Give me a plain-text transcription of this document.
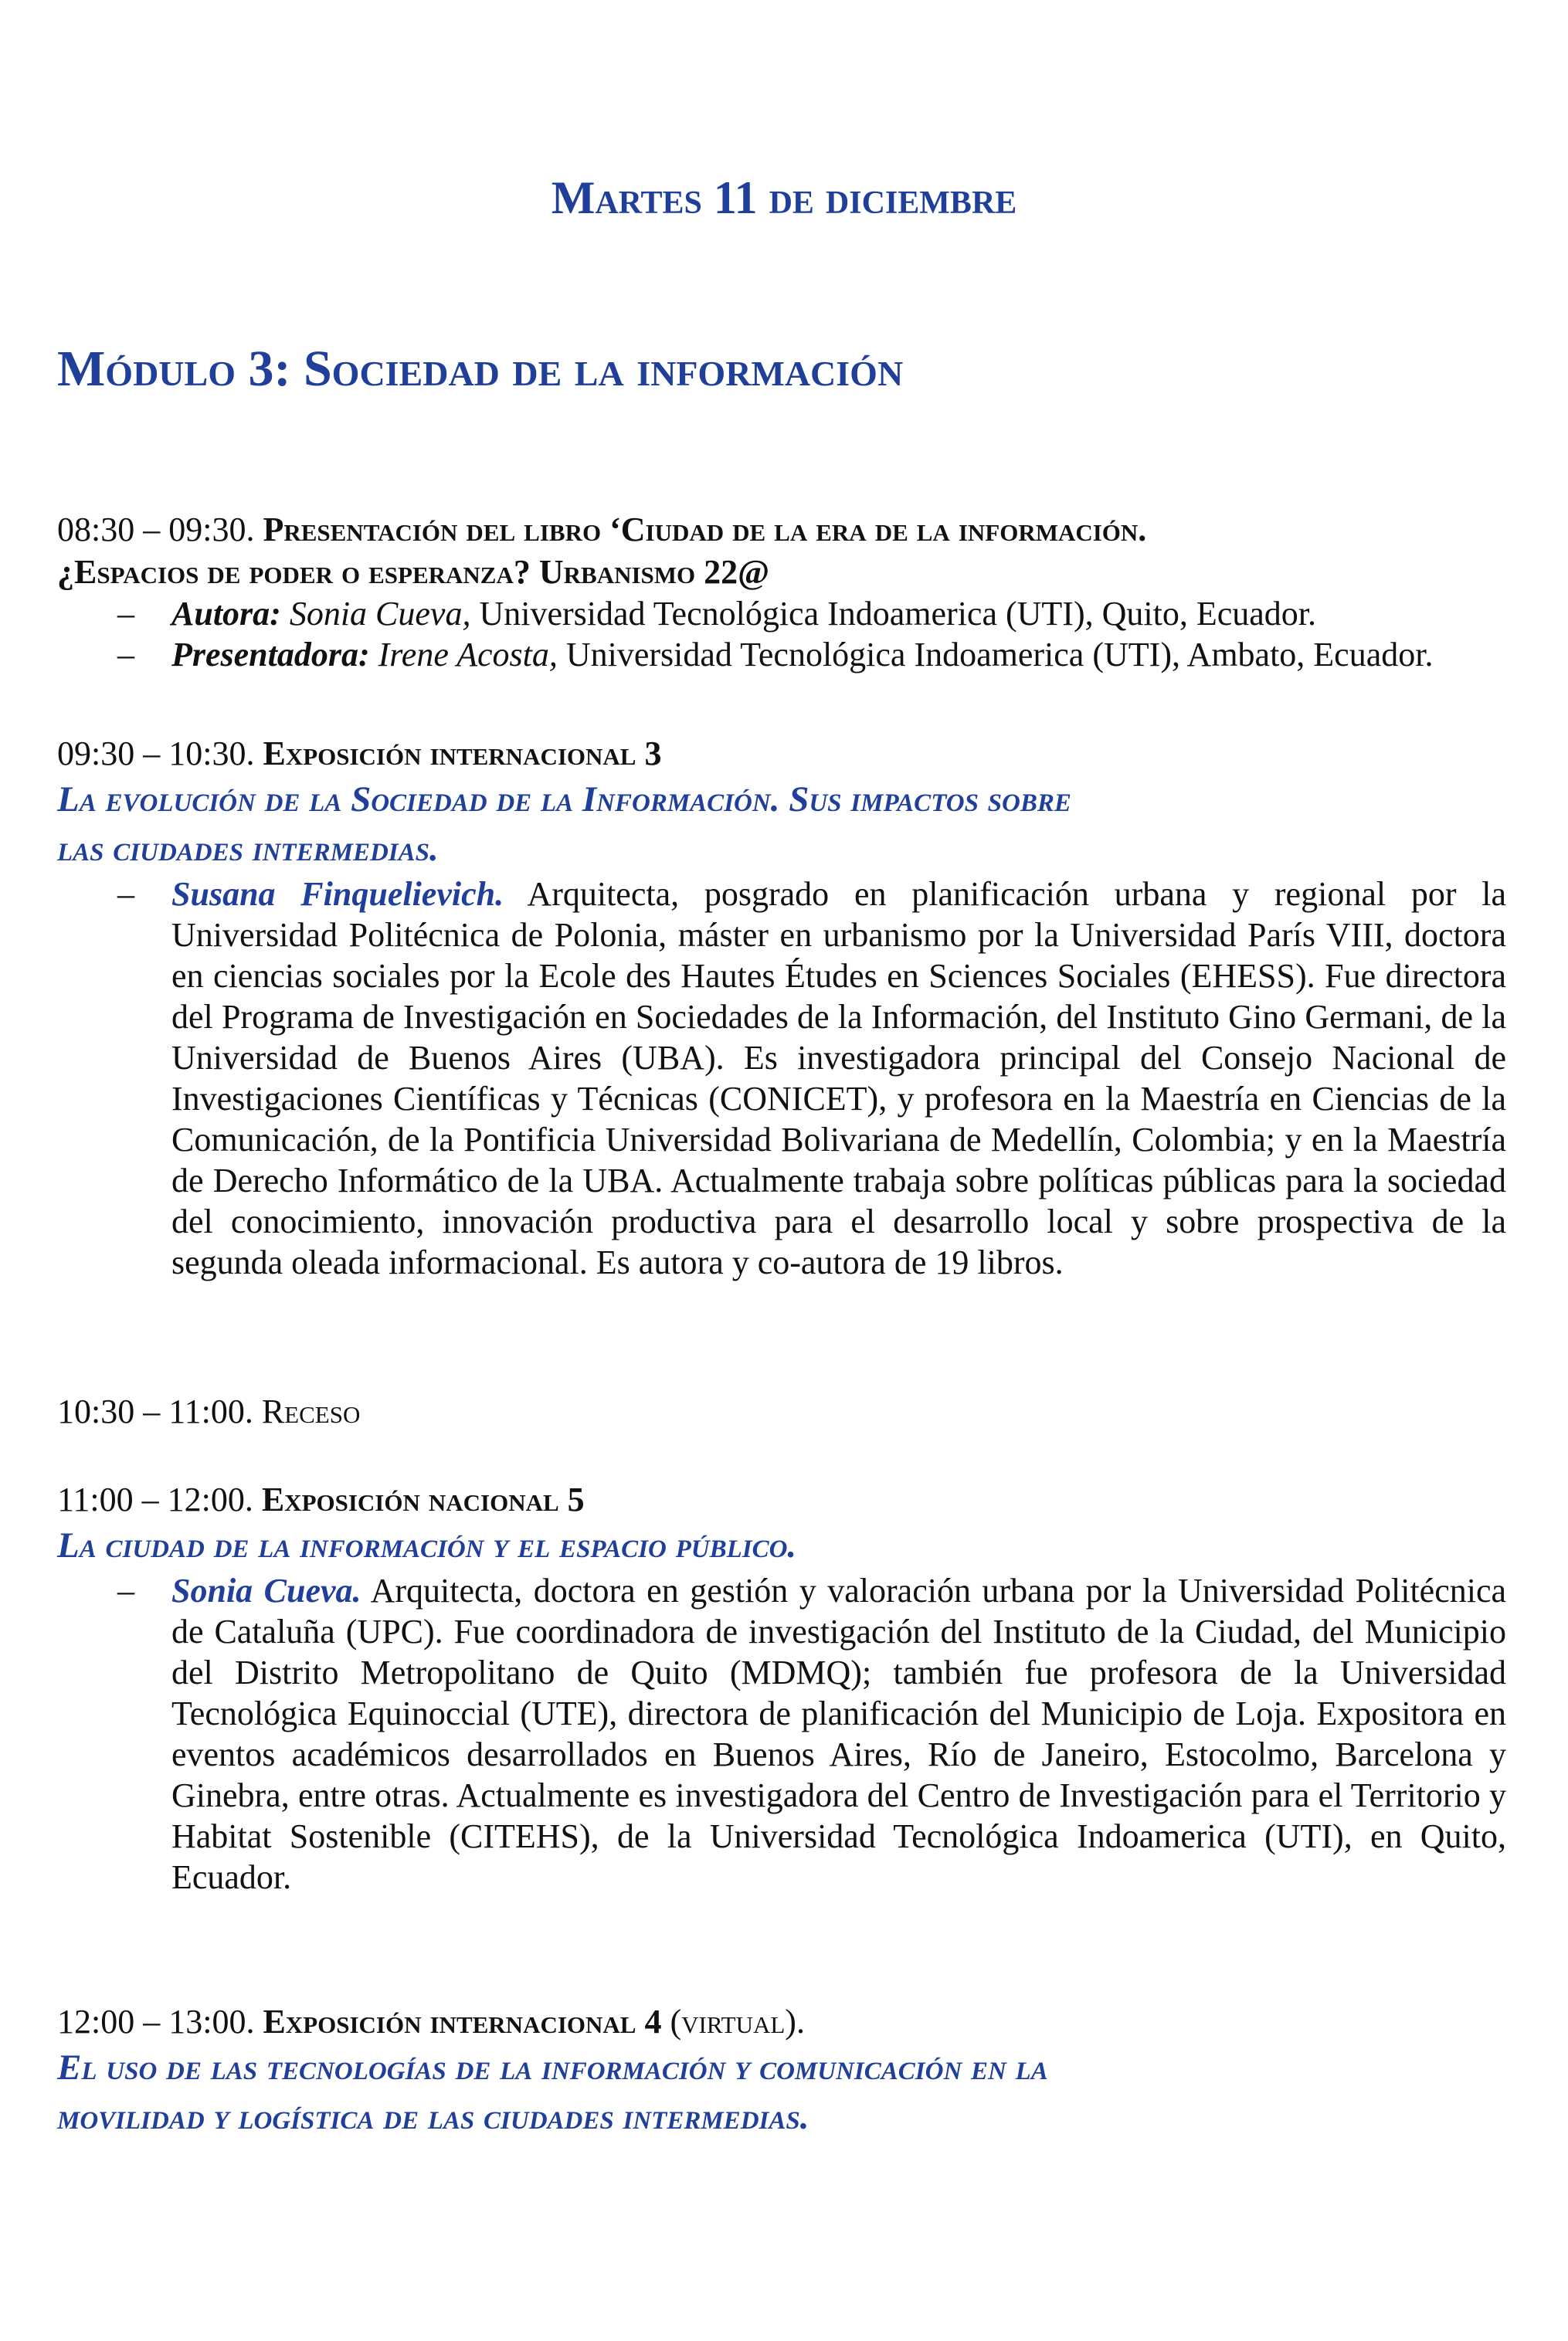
Martes 11 de diciembre
Módulo 3: Sociedad de la información
08:30 – 09:30. Presentación del libro ‘Ciudad de la era de la información.
¿Espacios de poder o esperanza? Urbanismo 22@
– Autora: Sonia Cueva, Universidad Tecnológica Indoamerica (UTI), Quito, Ecuador.
– Presentadora: Irene Acosta, Universidad Tecnológica Indoamerica (UTI), Ambato, Ecuador.
09:30 – 10:30. Exposición internacional 3
La evolución de la Sociedad de la Información. Sus impactos sobre
las ciudades intermedias.
– Susana Finquelievich. Arquitecta, posgrado en planificación urbana y regional por la Universidad Politécnica de Polonia, máster en urbanismo por la Universidad París VIII, doctora en ciencias sociales por la Ecole des Hautes Études en Sciences Sociales (EHESS). Fue directora del Programa de Investigación en Sociedades de la Información, del Instituto Gino Germani, de la Universidad de Buenos Aires (UBA). Es investigadora principal del Consejo Nacional de Investigaciones Científicas y Técnicas (CONICET), y profesora en la Maestría en Ciencias de la Comunicación, de la Pontificia Universidad Bolivariana de Medellín, Colombia; y en la Maestría de Derecho Informático de la UBA. Actualmente trabaja sobre políticas públicas para la sociedad del conocimiento, innovación productiva para el desarrollo local y sobre prospectiva de la segunda oleada informacional. Es autora y co-autora de 19 libros.
10:30 – 11:00. Receso
11:00 – 12:00. Exposición nacional 5
La ciudad de la información y el espacio público.
– Sonia Cueva. Arquitecta, doctora en gestión y valoración urbana por la Universidad Politécnica de Cataluña (UPC). Fue coordinadora de investigación del Instituto de la Ciudad, del Municipio del Distrito Metropolitano de Quito (MDMQ); también fue profesora de la Universidad Tecnológica Equinoccial (UTE), directora de planificación del Municipio de Loja. Expositora en eventos académicos desarrollados en Buenos Aires, Río de Janeiro, Estocolmo, Barcelona y Ginebra, entre otras. Actualmente es investigadora del Centro de Investigación para el Territorio y Habitat Sostenible (CITEHS), de la Universidad Tecnológica Indoamerica (UTI), en Quito, Ecuador.
12:00 – 13:00. Exposición internacional 4 (virtual).
El uso de las tecnologías de la información y comunicación en la
movilidad y logística de las ciudades intermedias.
